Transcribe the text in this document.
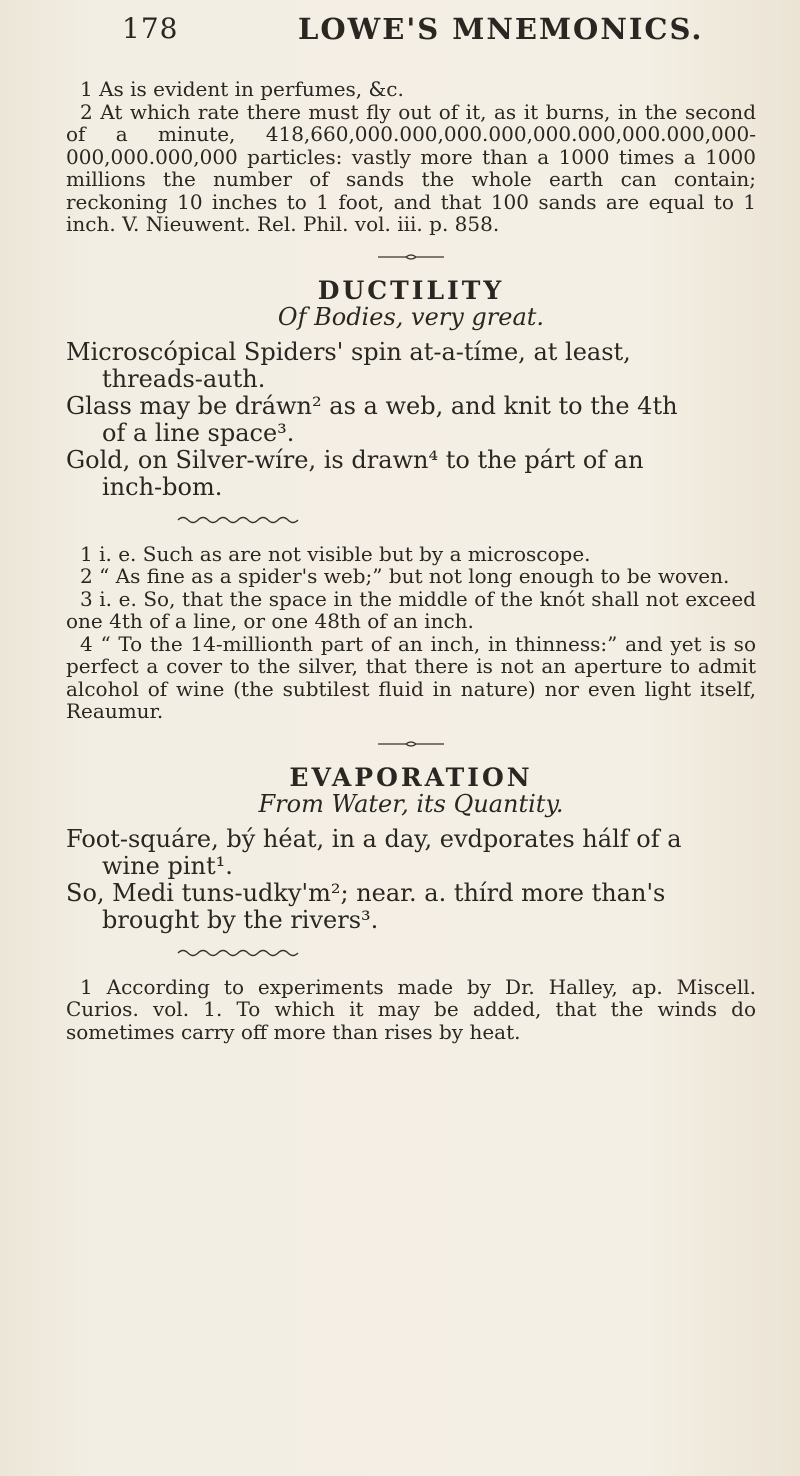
178	LOWE'S MNEMONICS.

1 As is evident in perfumes, &c.

2 At which rate there must fly out of it, as it burns, in the second of a minute, 418,660,000.000,000.000,000.000,000.000,000-000,000.000,000 particles: vastly more than a 1000 times a 1000 millions the number of sands the whole earth can contain; reckoning 10 inches to 1 foot, and that 100 sands are equal to 1 inch. V. Nieuwent. Rel. Phil. vol. iii. p. 858.

DUCTILITY
Of Bodies, very great.

Microscópical Spiders' spin at-a-tíme, at least,

threads-auth.

Glass may be dráwn² as a web, and knit to the 4th

of a line space³.

Gold, on Silver-wíre, is drawn⁴ to the párt of an

inch-bom.

1 i. e. Such as are not visible but by a microscope.

2 “ As fine as a spider's web;” but not long enough to be woven.

3 i. e. So, that the space in the middle of the knót shall not exceed one 4th of a line, or one 48th of an inch.

4 “ To the 14-millionth part of an inch, in thinness:” and yet is so perfect a cover to the silver, that there is not an aperture to admit alcohol of wine (the subtilest fluid in nature) nor even light itself, Reaumur.

EVAPORATION
From Water, its Quantity.

Foot-squáre, bý héat, in a day, evdporates hálf of a

wine pint¹.

So, Medi tuns-udky'm²; near. a. thírd more than's

brought by the rivers³.

1 According to experiments made by Dr. Halley, ap. Miscell. Curios. vol. 1. To which it may be added, that the winds do sometimes carry off more than rises by heat.
